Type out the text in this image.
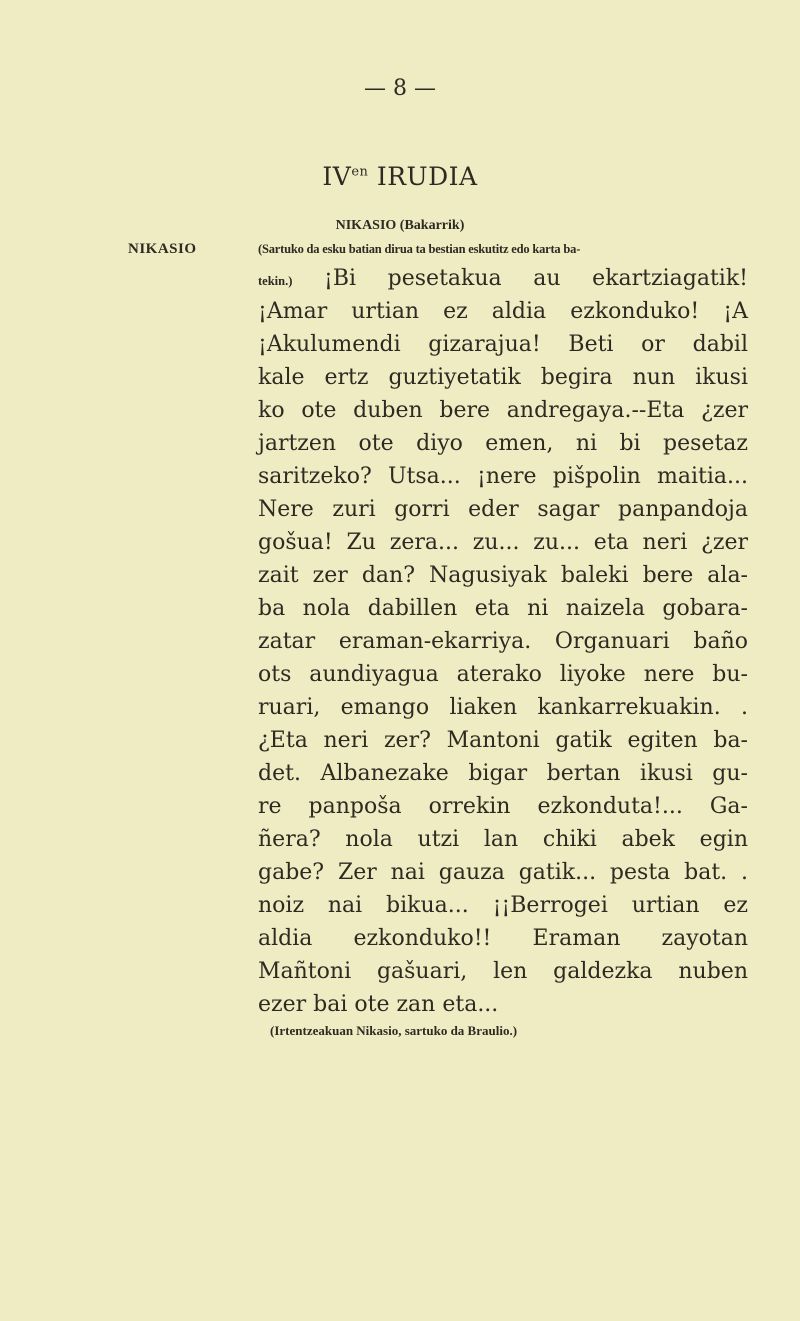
— 8 —
$IV^{en}$ IRUDIA
NIKASIO (Bakarrik)
NIKASIO	(Sartuko da esku batian dirua ta bestian eskutitz edo karta ba-
tekin.) ¡Bi pesetakua au ekartziagatik!
¡Amar urtian ez aldia ezkonduko! ¡A
¡Akulumendi gizarajua! Beti or dabil
kale ertz guztiyetatik begira nun ikusi
ko ote duben bere andregaya.--Eta ¿zer
jartzen ote diyo emen, ni bi pesetaz
saritzeko? Utsa... ¡nere pišpolin maitia...
Nere zuri gorri eder sagar panpandoja
gošua! Zu zera... zu... zu... eta neri ¿zer
zait zer dan? Nagusiyak baleki bere ala-
ba nola dabillen eta ni naizela gobara-
zatar eraman-ekarriya. Organuari baño
ots aundiyagua aterako liyoke nere bu-
ruari, emango liaken kankarrekuakin. .
¿Eta neri zer? Mantoni gatik egiten ba-
det. Albanezake bigar bertan ikusi gu-
re panpoša orrekin ezkonduta!... Ga-
ñera? nola utzi lan chiki abek egin
gabe? Zer nai gauza gatik... pesta bat. .
noiz nai bikua... ¡¡Berrogei urtian ez
aldia ezkonduko!! Eraman zayotan
Mañtoni gašuari, len galdezka nuben
ezer bai ote zan eta...
(Irtentzeakuan Nikasio, sartuko da Braulio.)
